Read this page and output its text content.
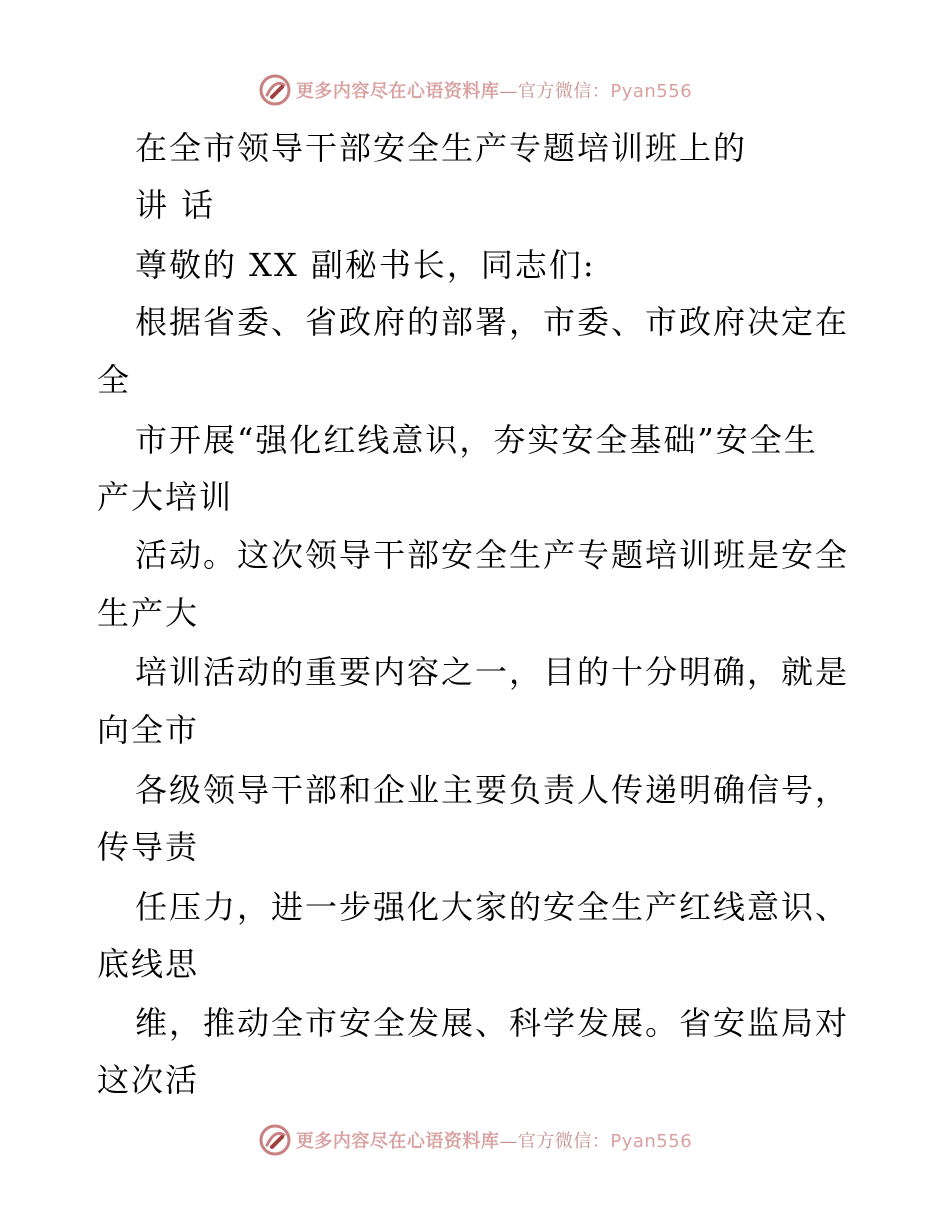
更多内容尽在心语资料库—官方微信：Pyan556
在全市领导干部安全生产专题培训班上的
讲 话
尊敬的 XX 副秘书长，同志们:
根据省委、省政府的部署，市委、市政府决定在
全
市开展“强化红线意识，夯实安全基础”安全生
产大培训
活动。这次领导干部安全生产专题培训班是安全
生产大
培训活动的重要内容之一，目的十分明确，就是
向全市
各级领导干部和企业主要负责人传递明确信号，
传导责
任压力，进一步强化大家的安全生产红线意识、
底线思
维，推动全市安全发展、科学发展。省安监局对
这次活
更多内容尽在心语资料库—官方微信：Pyan556
